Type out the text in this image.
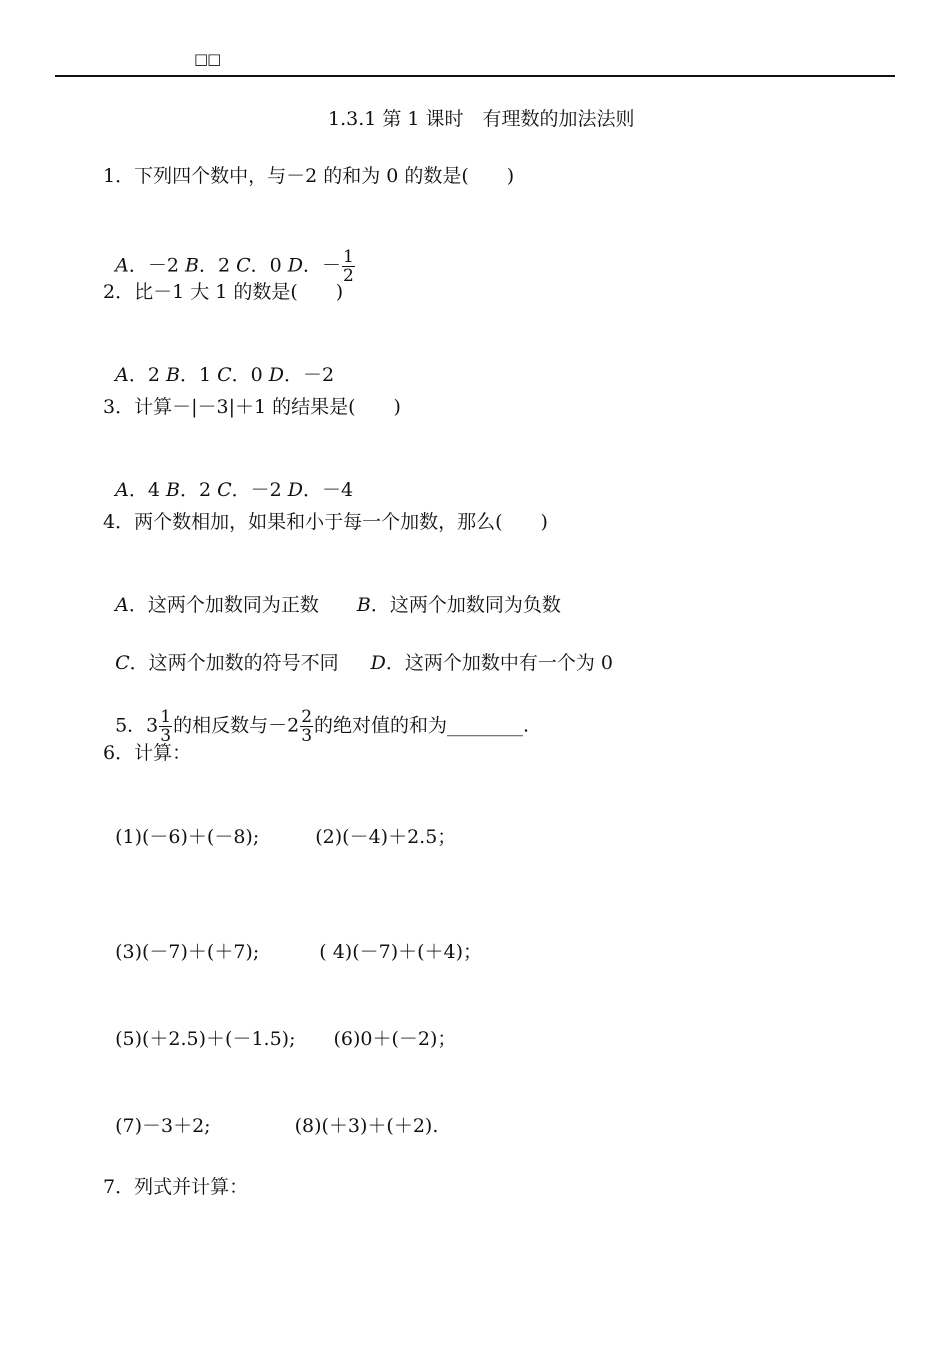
□□
1.3.1 第 1 课时　有理数的加法法则
1．下列四个数中，与－2 的和为 0 的数是(　　)

A．－2 B．2 C．0 D．－ $\frac{1}{2}$

2．比－1 大 1 的数是(　　)

A．2 B．1 C．0 D．－2

3．计算－|－3|＋1 的结果是(　　)

A．4 B．2 C．－2 D．－4

4．两个数相加，如果和小于每一个加数，那么(　　)

A．这两个加数同为正数 B．这两个加数同为负数

C．这两个加数的符号不同 D．这两个加数中有一个为 0

5．$3 \frac{1}{3}$ 的相反数与$-2 \frac{2}{3}$ 的绝对值的和为________.

6．计算：

(1)(－6)＋(－8);	(2)(－4)＋2.5；

(3)(－7)＋(＋7);	( 4)(－7)＋(＋4)；

(5)(＋2.5)＋(－1.5); (6)0＋(－2)；

(7)－3＋2;	(8)(＋3)＋(＋2).

7．列式并计算：
